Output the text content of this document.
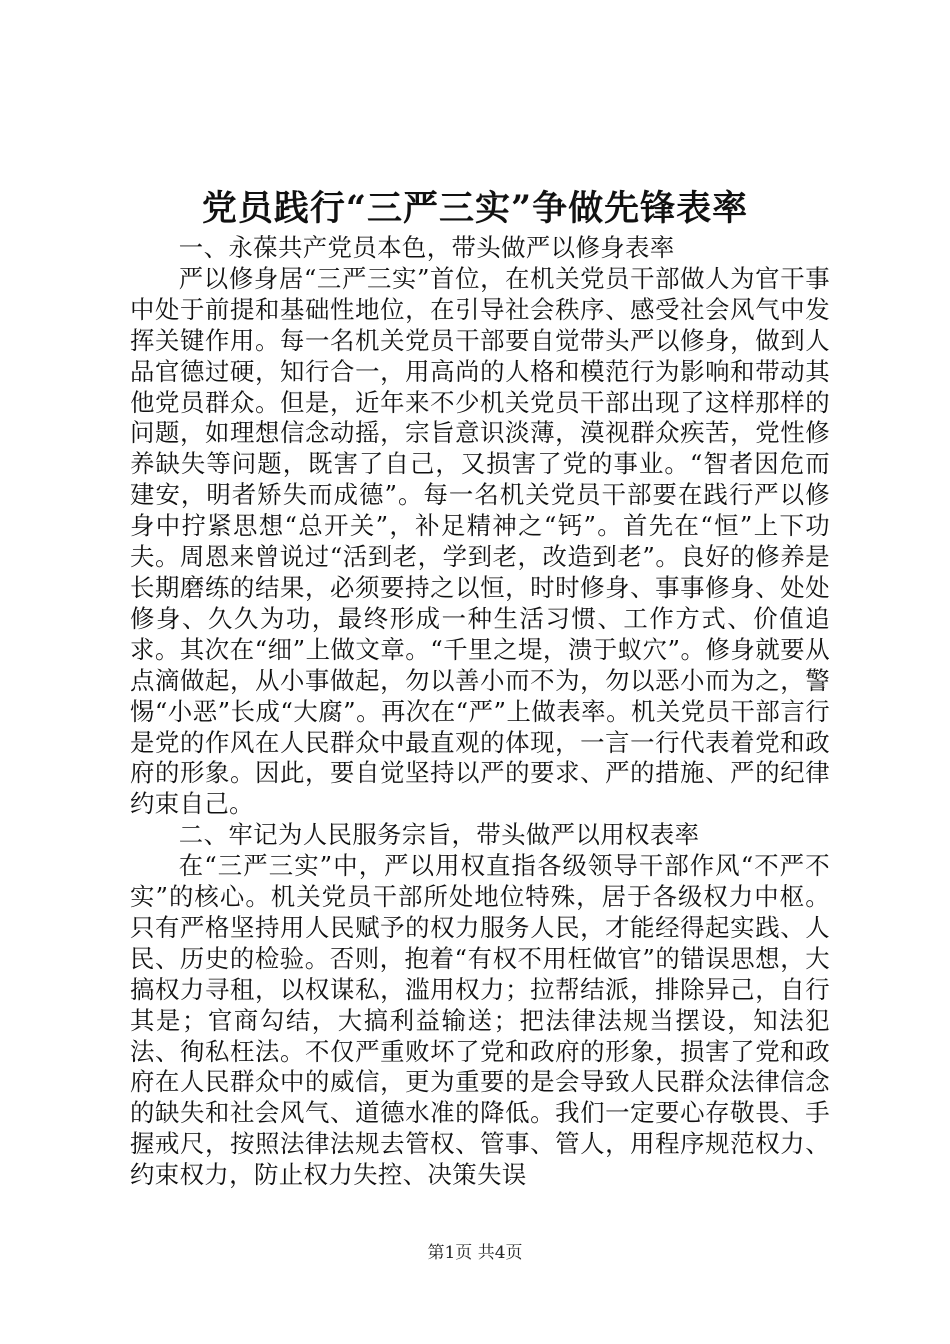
党员践行“三严三实”争做先锋表率

一、永葆共产党员本色，带头做严以修身表率

严以修身居“三严三实”首位，在机关党员干部做人为官干事中处于前提和基础性地位，在引导社会秩序、感受社会风气中发挥关键作用。每一名机关党员干部要自觉带头严以修身，做到人品官德过硬，知行合一，用高尚的人格和模范行为影响和带动其他党员群众。但是，近年来不少机关党员干部出现了这样那样的问题，如理想信念动摇，宗旨意识淡薄，漠视群众疾苦，党性修养缺失等问题，既害了自己，又损害了党的事业。“智者因危而建安，明者矫失而成德”。每一名机关党员干部要在践行严以修身中拧紧思想“总开关”，补足精神之“钙”。首先在“恒”上下功夫。周恩来曾说过“活到老，学到老，改造到老”。良好的修养是长期磨练的结果，必须要持之以恒，时时修身、事事修身、处处修身、久久为功，最终形成一种生活习惯、工作方式、价值追求。其次在“细”上做文章。“千里之堤，溃于蚁穴”。修身就要从点滴做起，从小事做起，勿以善小而不为，勿以恶小而为之，警惕“小恶”长成“大腐”。再次在“严”上做表率。机关党员干部言行是党的作风在人民群众中最直观的体现，一言一行代表着党和政府的形象。因此，要自觉坚持以严的要求、严的措施、严的纪律约束自己。

二、牢记为人民服务宗旨，带头做严以用权表率

在“三严三实”中，严以用权直指各级领导干部作风“不严不实”的核心。机关党员干部所处地位特殊，居于各级权力中枢。只有严格坚持用人民赋予的权力服务人民，才能经得起实践、人民、历史的检验。否则，抱着“有权不用枉做官”的错误思想，大搞权力寻租，以权谋私，滥用权力；拉帮结派，排除异己，自行其是；官商勾结，大搞利益输送；把法律法规当摆设，知法犯法、徇私枉法。不仅严重败坏了党和政府的形象，损害了党和政府在人民群众中的威信，更为重要的是会导致人民群众法律信念的缺失和社会风气、道德水准的降低。我们一定要心存敬畏、手握戒尺，按照法律法规去管权、管事、管人，用程序规范权力、约束权力，防止权力失控、决策失误

第1页 共4页
